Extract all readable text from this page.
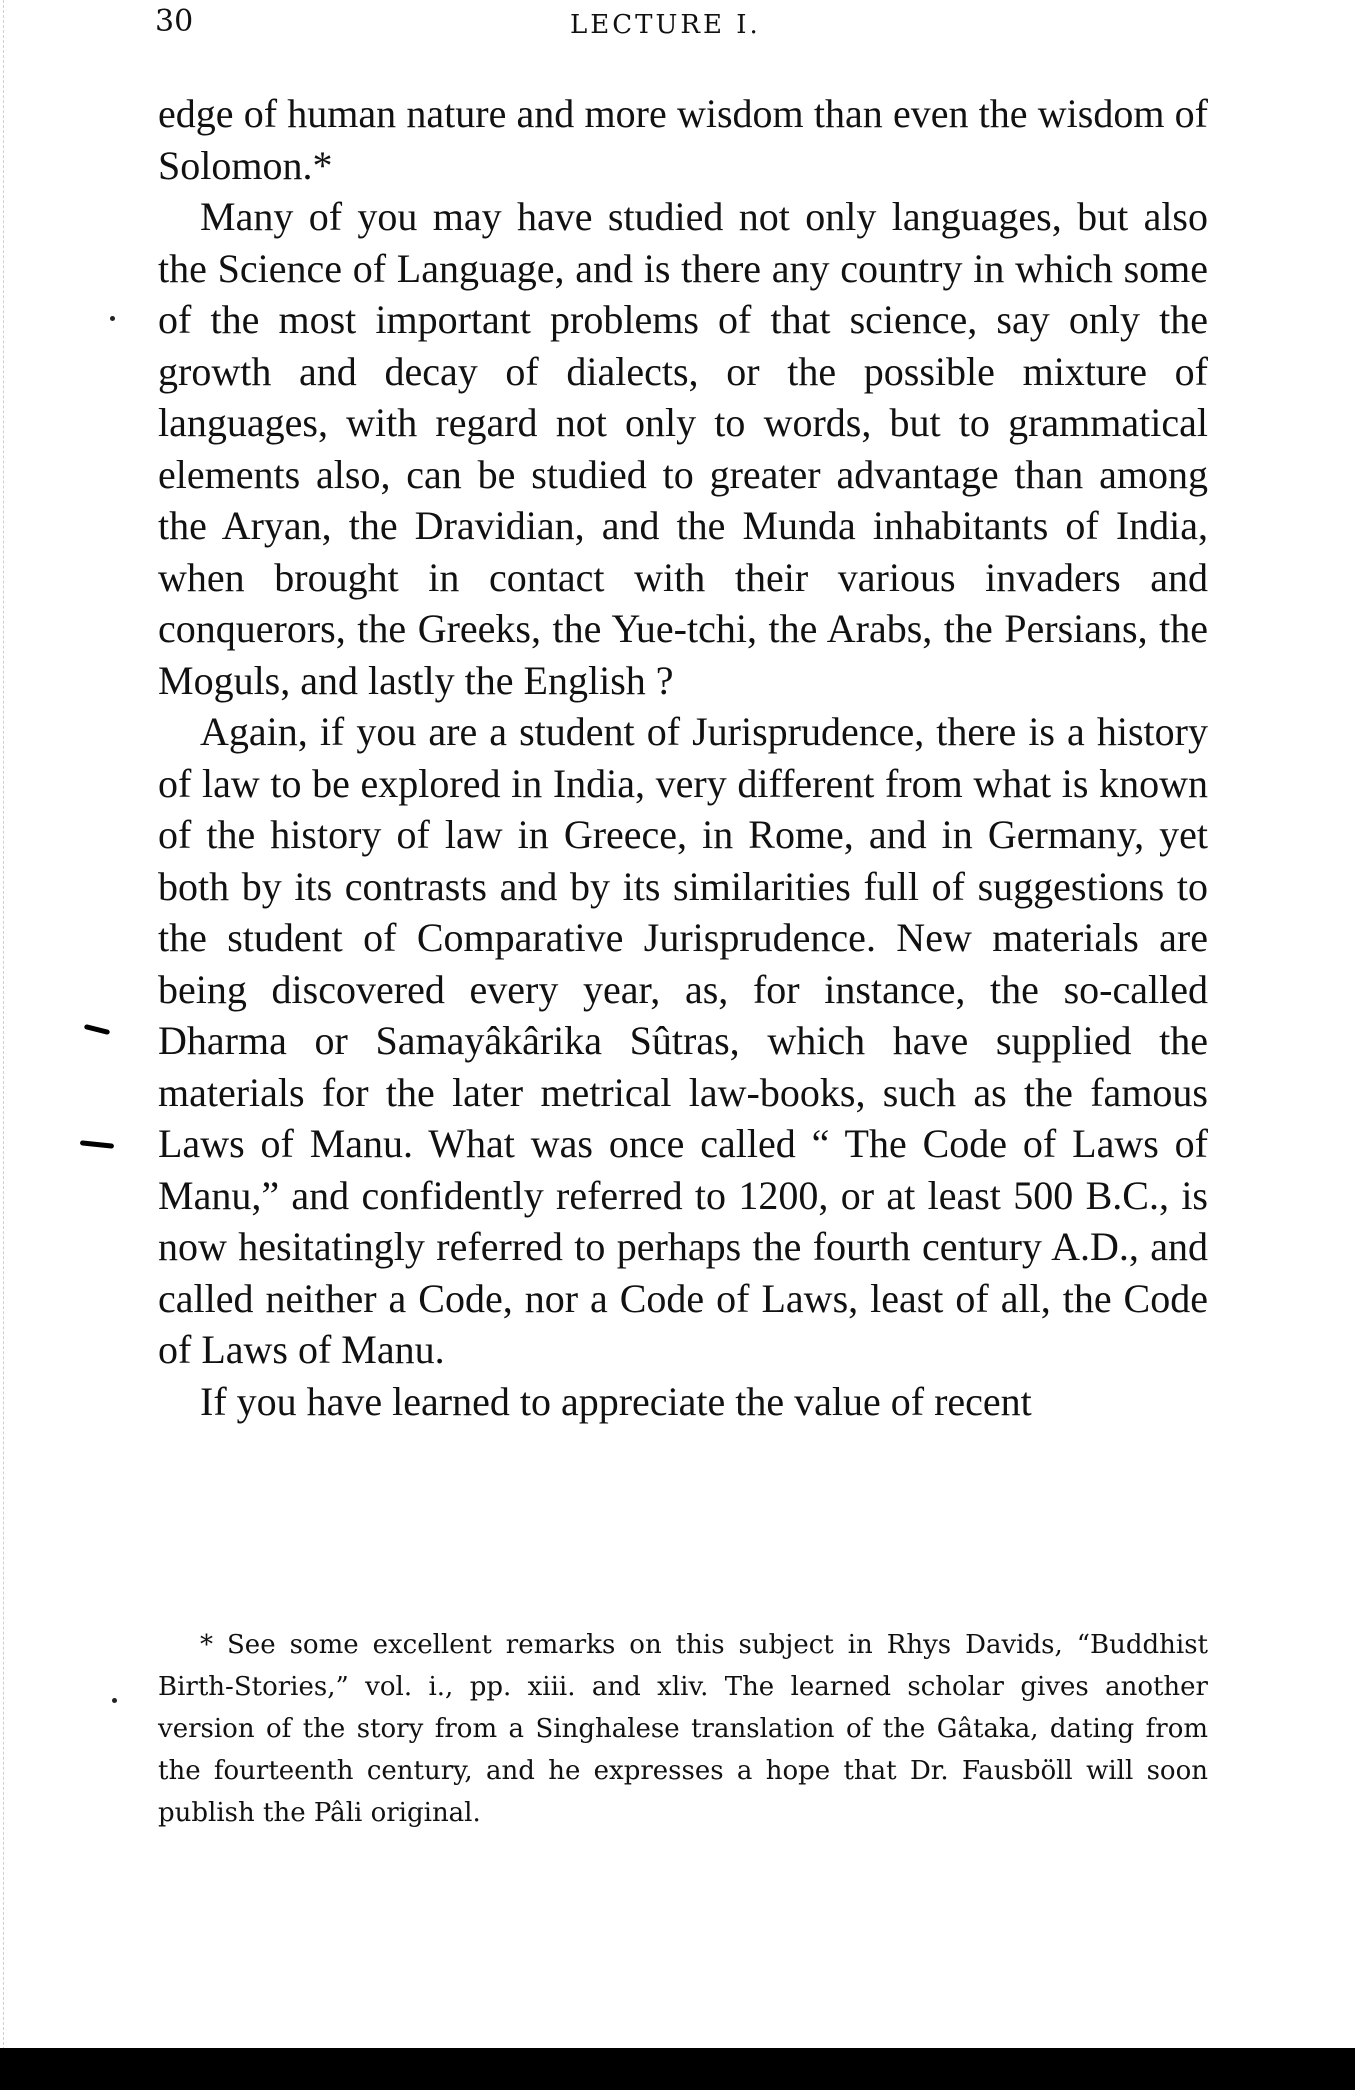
30	LECTURE I.

edge of human nature and more wisdom than even the wisdom of Solomon.*

Many of you may have studied not only languages, but also the Science of Language, and is there any country in which some of the most important problems of that science, say only the growth and decay of dialects, or the possible mixture of languages, with regard not only to words, but to grammatical elements also, can be studied to greater advantage than among the Aryan, the Dravidian, and the Munda inhabitants of India, when brought in contact with their various invaders and conquerors, the Greeks, the Yue-tchi, the Arabs, the Persians, the Moguls, and lastly the English ?

Again, if you are a student of Jurisprudence, there is a history of law to be explored in India, very different from what is known of the history of law in Greece, in Rome, and in Germany, yet both by its contrasts and by its similarities full of suggestions to the student of Comparative Jurisprudence. New materials are being discovered every year, as, for instance, the so-called Dharma or Samayâkârika Sûtras, which have supplied the materials for the later metrical law-books, such as the famous Laws of Manu. What was once called “ The Code of Laws of Manu,” and confidently referred to 1200, or at least 500 B.C., is now hesitatingly referred to perhaps the fourth century A.D., and called neither a Code, nor a Code of Laws, least of all, the Code of Laws of Manu.

If you have learned to appreciate the value of recent

* See some excellent remarks on this subject in Rhys Davids, “Buddhist Birth-Stories,” vol. i., pp. xiii. and xliv. The learned scholar gives another version of the story from a Singhalese translation of the Gâtaka, dating from the fourteenth century, and he expresses a hope that Dr. Fausböll will soon publish the Pâli original.
